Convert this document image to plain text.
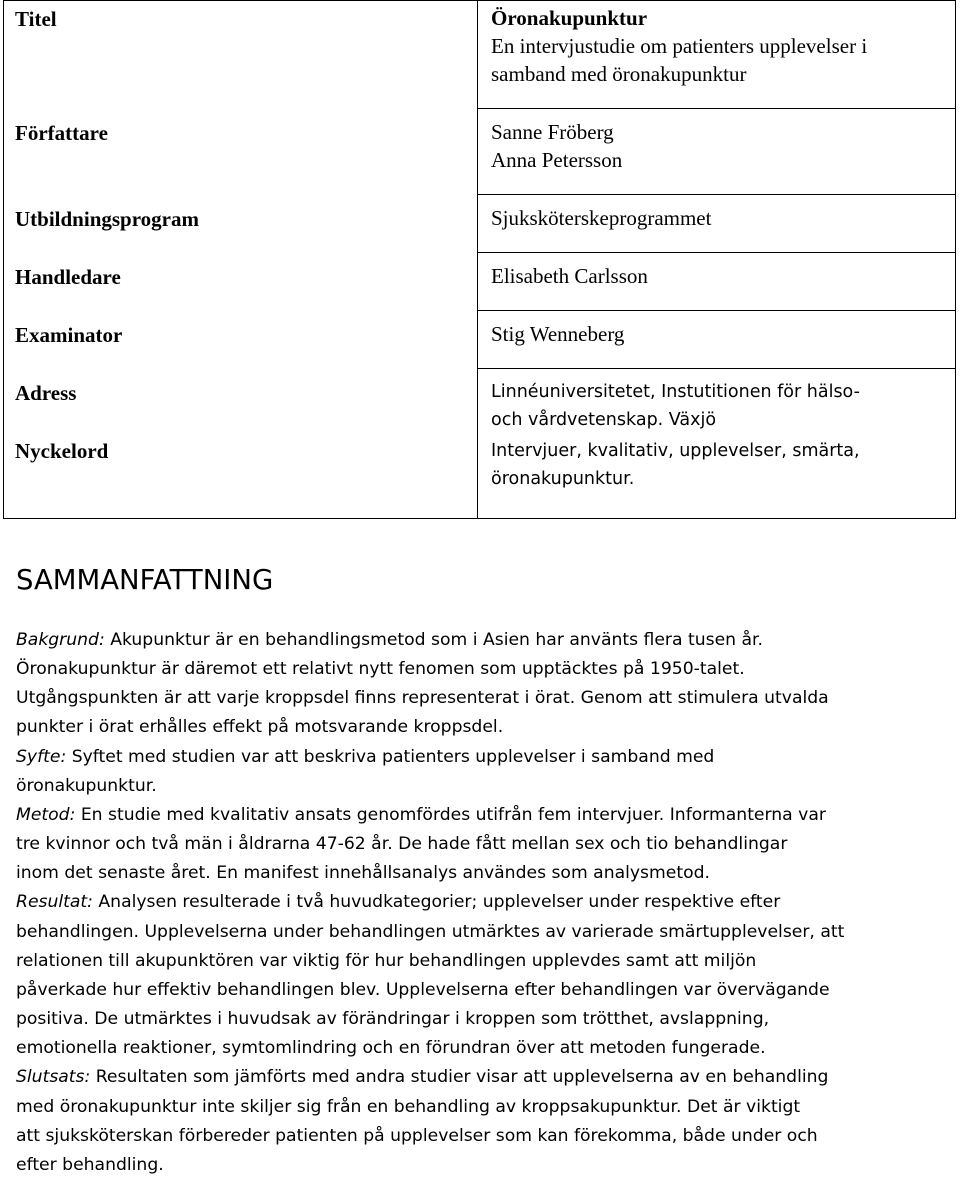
Titel
Författare
Utbildningsprogram
Handledare
Examinator
Adress
Nyckelord
Öronakupunktur
En intervjustudie om patienters upplevelser i
samband med öronakupunktur
Sanne Fröberg
Anna Petersson
Sjuksköterskeprogrammet
Elisabeth Carlsson
Stig Wenneberg
Linnéuniversitetet, Instutitionen för hälso-
och vårdvetenskap. Växjö
Intervjuer, kvalitativ, upplevelser, smärta,
öronakupunktur.
SAMMANFATTNING
Bakgrund: Akupunktur är en behandlingsmetod som i Asien har använts flera tusen år.
Öronakupunktur är däremot ett relativt nytt fenomen som upptäcktes på 1950-talet.
Utgångspunkten är att varje kroppsdel finns representerat i örat. Genom att stimulera utvalda
punkter i örat erhålles effekt på motsvarande kroppsdel.
Syfte: Syftet med studien var att beskriva patienters upplevelser i samband med
öronakupunktur.
Metod: En studie med kvalitativ ansats genomfördes utifrån fem intervjuer. Informanterna var
tre kvinnor och två män i åldrarna 47-62 år. De hade fått mellan sex och tio behandlingar
inom det senaste året. En manifest innehållsanalys användes som analysmetod.
Resultat: Analysen resulterade i två huvudkategorier; upplevelser under respektive efter
behandlingen. Upplevelserna under behandlingen utmärktes av varierade smärtupplevelser, att
relationen till akupunktören var viktig för hur behandlingen upplevdes samt att miljön
påverkade hur effektiv behandlingen blev. Upplevelserna efter behandlingen var övervägande
positiva. De utmärktes i huvudsak av förändringar i kroppen som trötthet, avslappning,
emotionella reaktioner, symtomlindring och en förundran över att metoden fungerade.
Slutsats: Resultaten som jämförts med andra studier visar att upplevelserna av en behandling
med öronakupunktur inte skiljer sig från en behandling av kroppsakupunktur. Det är viktigt
att sjuksköterskan förbereder patienten på upplevelser som kan förekomma, både under och
efter behandling.
